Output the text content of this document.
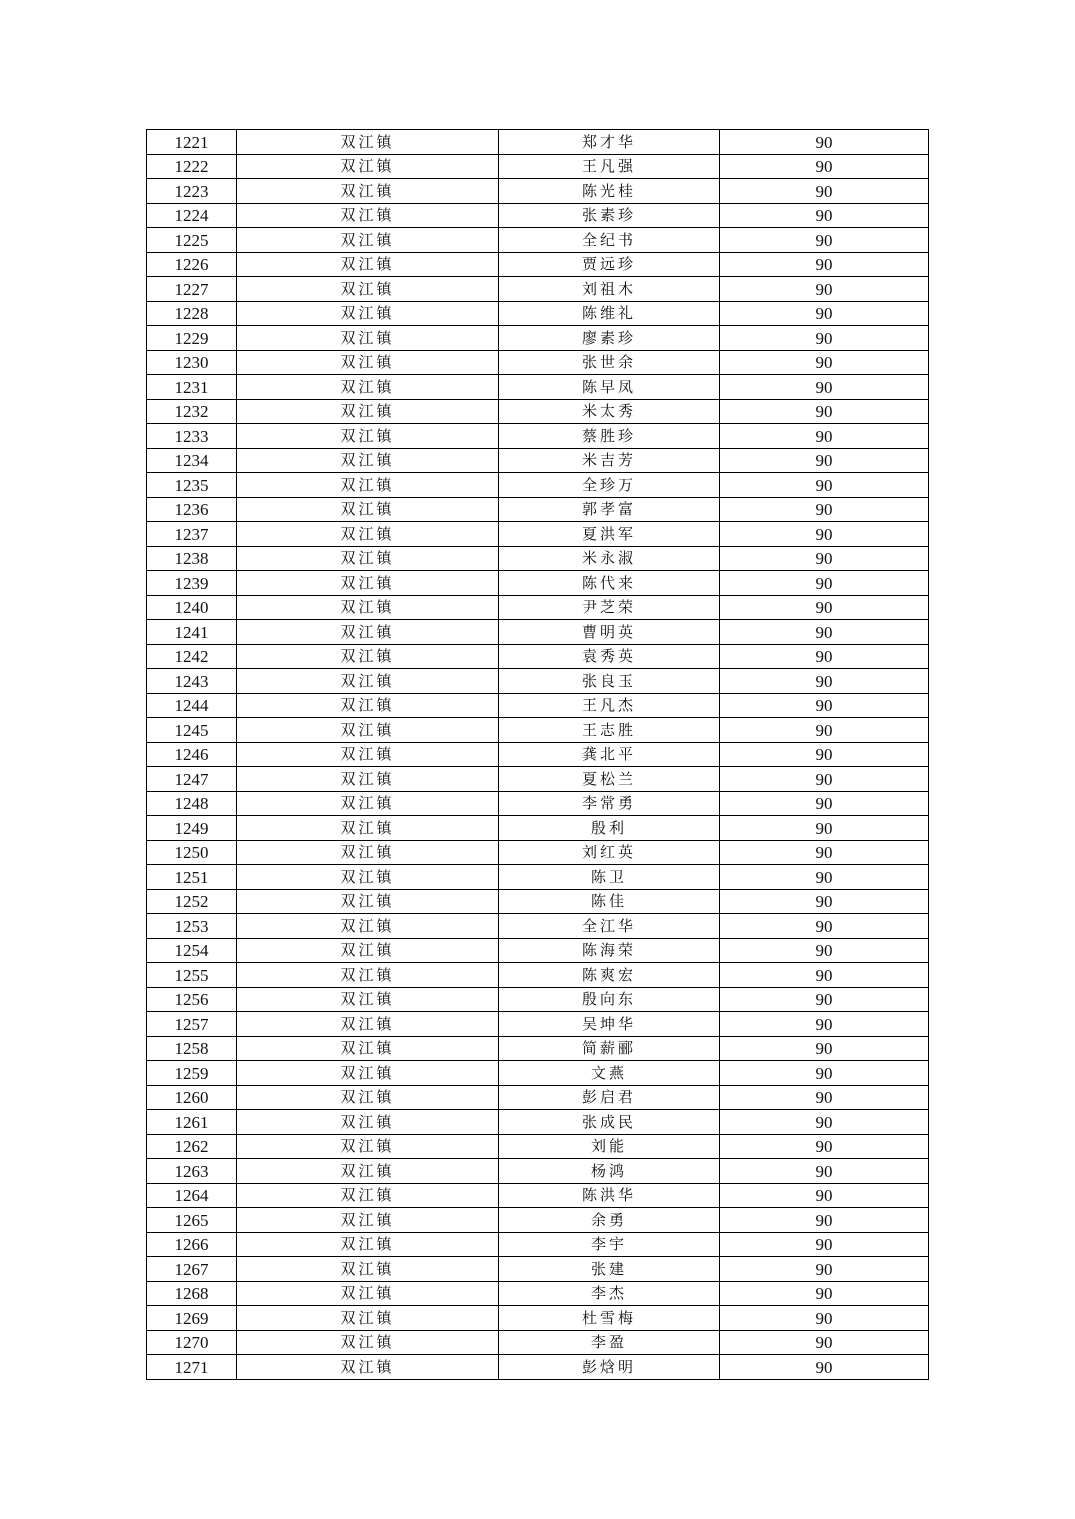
1221	双江镇	郑才华	90
1222	双江镇	王凡强	90
1223	双江镇	陈光桂	90
1224	双江镇	张素珍	90
1225	双江镇	全纪书	90
1226	双江镇	贾远珍	90
1227	双江镇	刘祖木	90
1228	双江镇	陈维礼	90
1229	双江镇	廖素珍	90
1230	双江镇	张世余	90
1231	双江镇	陈早凤	90
1232	双江镇	米太秀	90
1233	双江镇	蔡胜珍	90
1234	双江镇	米吉芳	90
1235	双江镇	全珍万	90
1236	双江镇	郭孝富	90
1237	双江镇	夏洪军	90
1238	双江镇	米永淑	90
1239	双江镇	陈代来	90
1240	双江镇	尹芝荣	90
1241	双江镇	曹明英	90
1242	双江镇	袁秀英	90
1243	双江镇	张良玉	90
1244	双江镇	王凡杰	90
1245	双江镇	王志胜	90
1246	双江镇	龚北平	90
1247	双江镇	夏松兰	90
1248	双江镇	李常勇	90
1249	双江镇	殷利	90
1250	双江镇	刘红英	90
1251	双江镇	陈卫	90
1252	双江镇	陈佳	90
1253	双江镇	全江华	90
1254	双江镇	陈海荣	90
1255	双江镇	陈爽宏	90
1256	双江镇	殷向东	90
1257	双江镇	吴坤华	90
1258	双江镇	简薪郦	90
1259	双江镇	文燕	90
1260	双江镇	彭启君	90
1261	双江镇	张成民	90
1262	双江镇	刘能	90
1263	双江镇	杨鸿	90
1264	双江镇	陈洪华	90
1265	双江镇	余勇	90
1266	双江镇	李宇	90
1267	双江镇	张建	90
1268	双江镇	李杰	90
1269	双江镇	杜雪梅	90
1270	双江镇	李盈	90
1271	双江镇	彭焓明	90
